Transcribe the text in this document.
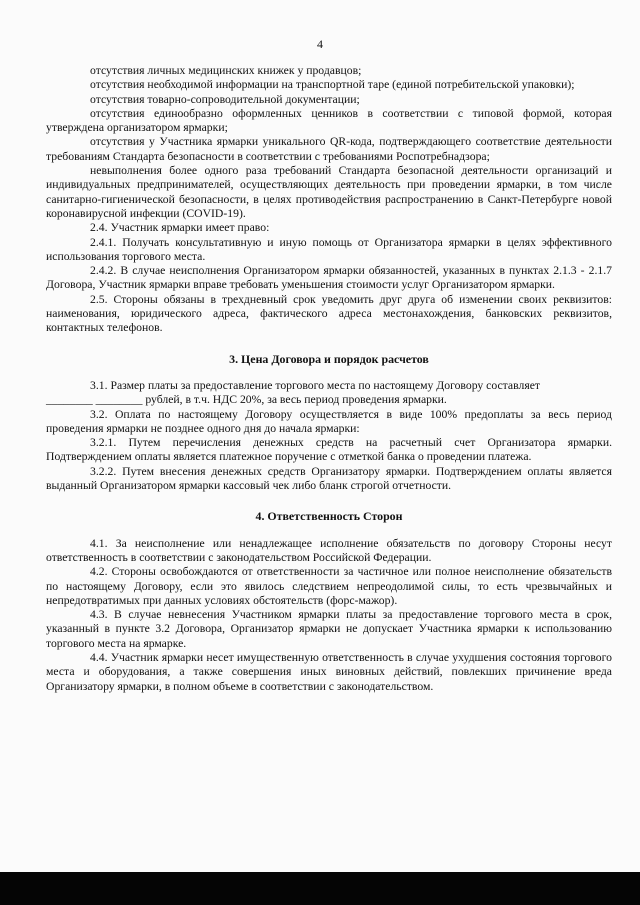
4

отсутствия личных медицинских книжек у продавцов;

отсутствия необходимой информации на транспортной таре (единой потребительской упаковки);

отсутствия товарно-сопроводительной документации;

отсутствия единообразно оформленных ценников в соответствии с типовой формой, которая утверждена организатором ярмарки;

отсутствия у Участника ярмарки уникального QR-кода, подтверждающего соответствие деятельности требованиям Стандарта безопасности в соответствии с требованиями Роспотребнадзора;

невыполнения более одного раза требований Стандарта безопасной деятельности организаций и индивидуальных предпринимателей, осуществляющих деятельность при проведении ярмарки, в том числе санитарно-гигиенической безопасности, в целях противодействия распространению в Санкт-Петербурге новой коронавирусной инфекции (COVID-19).

2.4. Участник ярмарки имеет право:

2.4.1. Получать консультативную и иную помощь от Организатора ярмарки в целях эффективного использования торгового места.

2.4.2. В случае неисполнения Организатором ярмарки обязанностей, указанных в пунктах 2.1.3 - 2.1.7 Договора, Участник ярмарки вправе требовать уменьшения стоимости услуг Организатором ярмарки.

2.5. Стороны обязаны в трехдневный срок уведомить друг друга об изменении своих реквизитов: наименования, юридического адреса, фактического адреса местонахождения, банковских реквизитов, контактных телефонов.

3. Цена Договора и порядок расчетов

3.1. Размер платы за предоставление торгового места по настоящему Договору составляет
________ ________ рублей, в т.ч. НДС 20%, за весь период проведения ярмарки.

3.2. Оплата по настоящему Договору осуществляется в виде 100% предоплаты за весь период проведения ярмарки не позднее одного дня до начала ярмарки:

3.2.1. Путем перечисления денежных средств на расчетный счет Организатора ярмарки. Подтверждением оплаты является платежное поручение с отметкой банка о проведении платежа.

3.2.2. Путем внесения денежных средств Организатору ярмарки. Подтверждением оплаты является выданный Организатором ярмарки кассовый чек либо бланк строгой отчетности.

4. Ответственность Сторон

4.1. За неисполнение или ненадлежащее исполнение обязательств по договору Стороны несут ответственность в соответствии с законодательством Российской Федерации.

4.2. Стороны освобождаются от ответственности за частичное или полное неисполнение обязательств по настоящему Договору, если это явилось следствием непреодолимой силы, то есть чрезвычайных и непредотвратимых при данных условиях обстоятельств (форс-мажор).

4.3. В случае невнесения Участником ярмарки платы за предоставление торгового места в срок, указанный в пункте 3.2 Договора, Организатор ярмарки не допускает Участника ярмарки к использованию торгового места на ярмарке.

4.4. Участник ярмарки несет имущественную ответственность в случае ухудшения состояния торгового места и оборудования, а также совершения иных виновных действий, повлекших причинение вреда Организатору ярмарки, в полном объеме в соответствии с законодательством.
